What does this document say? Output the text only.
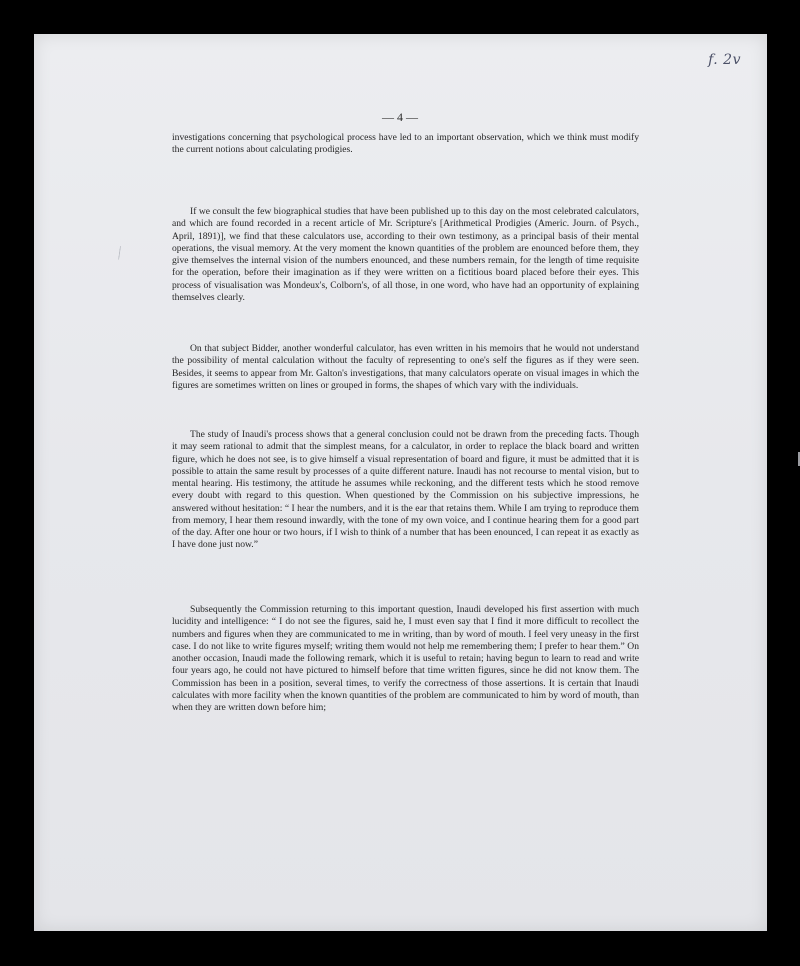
f. 2v

— 4 —

investigations concerning that psychological process have led to an important observation, which we think must modify the current notions about calculating prodigies.

If we consult the few biographical studies that have been published up to this day on the most celebrated calculators, and which are found recorded in a recent article of Mr. Scripture's [Arithmetical Prodigies (Americ. Journ. of Psych., April, 1891)], we find that these calculators use, according to their own testimony, as a principal basis of their mental operations, the visual memory. At the very moment the known quantities of the problem are enounced before them, they give themselves the internal vision of the numbers enounced, and these numbers remain, for the length of time requisite for the operation, before their imagination as if they were written on a fictitious board placed before their eyes. This process of visualisation was Mondeux's, Colborn's, of all those, in one word, who have had an opportunity of explaining themselves clearly.

On that subject Bidder, another wonderful calculator, has even written in his memoirs that he would not understand the possibility of mental calculation without the faculty of representing to one's self the figures as if they were seen. Besides, it seems to appear from Mr. Galton's investigations, that many calculators operate on visual images in which the figures are sometimes written on lines or grouped in forms, the shapes of which vary with the individuals.

The study of Inaudi's process shows that a general conclusion could not be drawn from the preceding facts. Though it may seem rational to admit that the simplest means, for a calculator, in order to replace the black board and written figure, which he does not see, is to give himself a visual representation of board and figure, it must be admitted that it is possible to attain the same result by processes of a quite different nature. Inaudi has not recourse to mental vision, but to mental hearing. His testimony, the attitude he assumes while reckoning, and the different tests which he stood remove every doubt with regard to this question. When questioned by the Commission on his subjective impressions, he answered without hesitation: “ I hear the numbers, and it is the ear that retains them. While I am trying to reproduce them from memory, I hear them resound inwardly, with the tone of my own voice, and I continue hearing them for a good part of the day. After one hour or two hours, if I wish to think of a number that has been enounced, I can repeat it as exactly as I have done just now.”

Subsequently the Commission returning to this important question, Inaudi developed his first assertion with much lucidity and intelligence: “ I do not see the figures, said he, I must even say that I find it more difficult to recollect the numbers and figures when they are communicated to me in writing, than by word of mouth. I feel very uneasy in the first case. I do not like to write figures myself; writing them would not help me remembering them; I prefer to hear them.” On another occasion, Inaudi made the following remark, which it is useful to retain; having begun to learn to read and write four years ago, he could not have pictured to himself before that time written figures, since he did not know them. The Commission has been in a position, several times, to verify the correctness of those assertions. It is certain that Inaudi calculates with more facility when the known quantities of the problem are communicated to him by word of mouth, than when they are written down before him;
